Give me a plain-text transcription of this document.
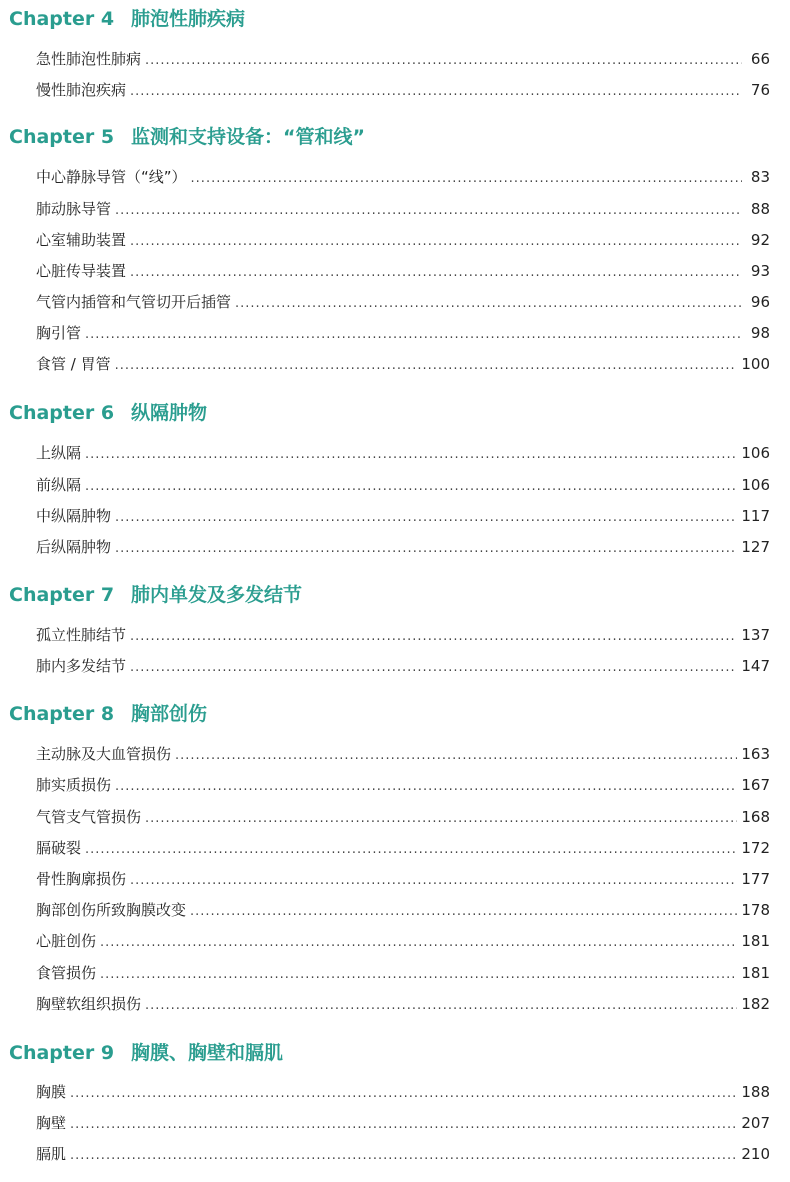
Chapter 4 肺泡性肺疾病
急性肺泡性肺病 .....	66
慢性肺泡疾病 .....	76
Chapter 5 监测和支持设备：“管和线”
中心静脉导管（“线”） .....	83
肺动脉导管 .....	88
心室辅助装置 .....	92
心脏传导装置 .....	93
气管内插管和气管切开后插管 .....	96
胸引管 .....	98
食管 / 胃管 .....	100
Chapter 6 纵隔肿物
上纵隔 .....	106
前纵隔 .....	106
中纵隔肿物 .....	117
后纵隔肿物 .....	127
Chapter 7 肺内单发及多发结节
孤立性肺结节 .....	137
肺内多发结节 .....	147
Chapter 8 胸部创伤
主动脉及大血管损伤 .....	163
肺实质损伤 .....	167
气管支气管损伤 .....	168
膈破裂 .....	172
骨性胸廓损伤 .....	177
胸部创伤所致胸膜改变 .....	178
心脏创伤 .....	181
食管损伤 .....	181
胸壁软组织损伤 .....	182
Chapter 9 胸膜、胸壁和膈肌
胸膜 .....	188
胸壁 .....	207
膈肌 .....	210
